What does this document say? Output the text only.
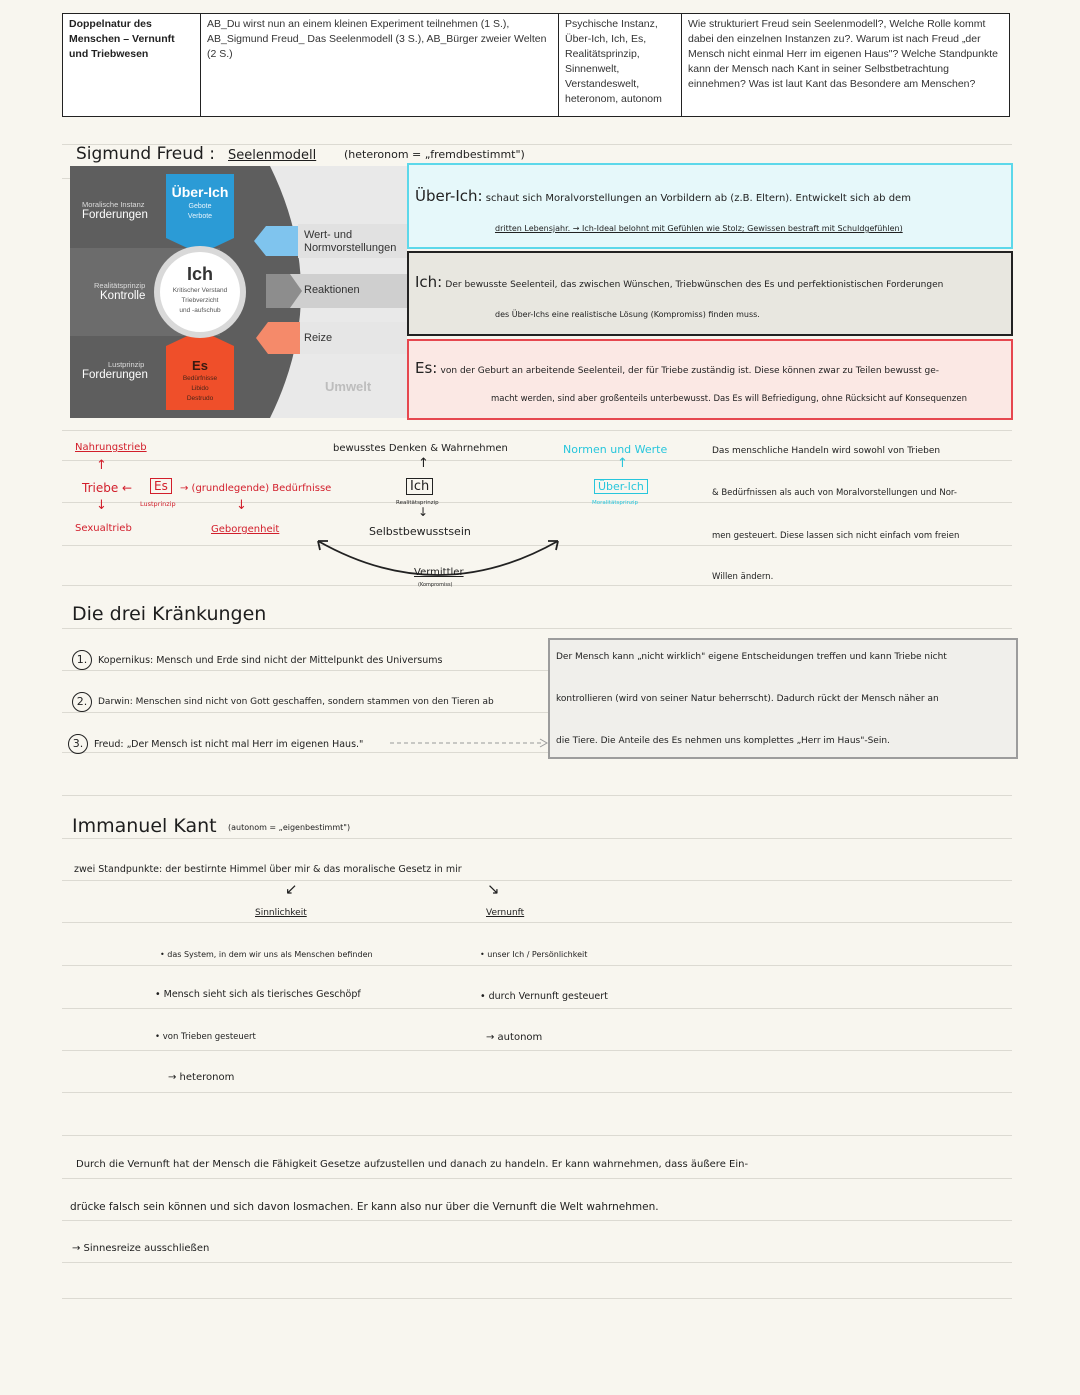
Doppelnatur des Menschen – Vernunft und Triebwesen	AB_Du wirst nun an einem kleinen Experiment teilnehmen (1 S.), AB_Sigmund Freud_ Das Seelenmodell (3 S.), AB_Bürger zweier Welten (2 S.)	Psychische Instanz, Über-Ich, Ich, Es, Realitätsprinzip, Sinnenwelt, Verstandeswelt, heteronom, autonom	Wie strukturiert Freud sein Seelenmodell?, Welche Rolle kommt dabei den einzelnen Instanzen zu?. Warum ist nach Freud „der Mensch nicht einmal Herr im eigenen Haus"? Welche Standpunkte kann der Mensch nach Kant in seiner Selbstbetrachtung einnehmen? Was ist laut Kant das Besondere am Menschen?
Sigmund Freud : Seelenmodell	(heteronom = „fremdbestimmt")
Moralische Instanz
Forderungen
Realitätsprinzip
Kontrolle
Lustprinzip
Forderungen
Über-Ich
Gebote
Verbote
Ich
Kritischer Verstand
Triebverzicht
und -aufschub
Es
Bedürfnisse
Libido
Destrudo
Wert- und Normvorstellungen
Reaktionen
Reize
Umwelt
Über-Ich: schaut sich Moralvorstellungen an Vorbildern ab (z.B. Eltern). Entwickelt sich ab dem
dritten Lebensjahr. → Ich-Ideal belohnt mit Gefühlen wie Stolz; Gewissen bestraft mit Schuldgefühlen)
Ich: Der bewusste Seelenteil, das zwischen Wünschen, Triebwünschen des Es und perfektionistischen Forderungen
des Über-Ichs eine realistische Lösung (Kompromiss) finden muss.
Es: von der Geburt an arbeitende Seelenteil, der für Triebe zuständig ist. Diese können zwar zu Teilen bewusst ge-
macht werden, sind aber großenteils unterbewusst. Das Es will Befriedigung, ohne Rücksicht auf Konsequenzen
Nahrungstrieb
↑
Triebe ←	Es
Lustprinzip
→ (grundlegende) Bedürfnisse
↓
Sexualtrieb
↓
Geborgenheit
bewusstes Denken & Wahrnehmen
↑
Ich
Realitätsprinzip
↓
Selbstbewusstsein
Vermittler
(Kompromiss)
Normen und Werte
↑
Über-Ich
Moralitätsprinzip
Das menschliche Handeln wird sowohl von Trieben
& Bedürfnissen als auch von Moralvorstellungen und Nor-
men gesteuert. Diese lassen sich nicht einfach vom freien
Willen ändern.
Die drei Kränkungen
1.	Kopernikus: Mensch und Erde sind nicht der Mittelpunkt des Universums
2.	Darwin: Menschen sind nicht von Gott geschaffen, sondern stammen von den Tieren ab
3.	Freud: „Der Mensch ist nicht mal Herr im eigenen Haus."
Der Mensch kann „nicht wirklich" eigene Entscheidungen treffen und kann Triebe nicht
kontrollieren (wird von seiner Natur beherrscht). Dadurch rückt der Mensch näher an
die Tiere. Die Anteile des Es nehmen uns komplettes „Herr im Haus"-Sein.
Immanuel Kant (autonom = „eigenbestimmt")
zwei Standpunkte: der bestirnte Himmel über mir & das moralische Gesetz in mir
↙	↘
Sinnlichkeit	Vernunft
• das System, in dem wir uns als Menschen befinden
• Mensch sieht sich als tierisches Geschöpf
• von Trieben gesteuert
→ heteronom
• unser Ich / Persönlichkeit
• durch Vernunft gesteuert
→ autonom
Durch die Vernunft hat der Mensch die Fähigkeit Gesetze aufzustellen und danach zu handeln. Er kann wahrnehmen, dass äußere Ein-
drücke falsch sein können und sich davon losmachen. Er kann also nur über die Vernunft die Welt wahrnehmen.
→ Sinnesreize ausschließen
